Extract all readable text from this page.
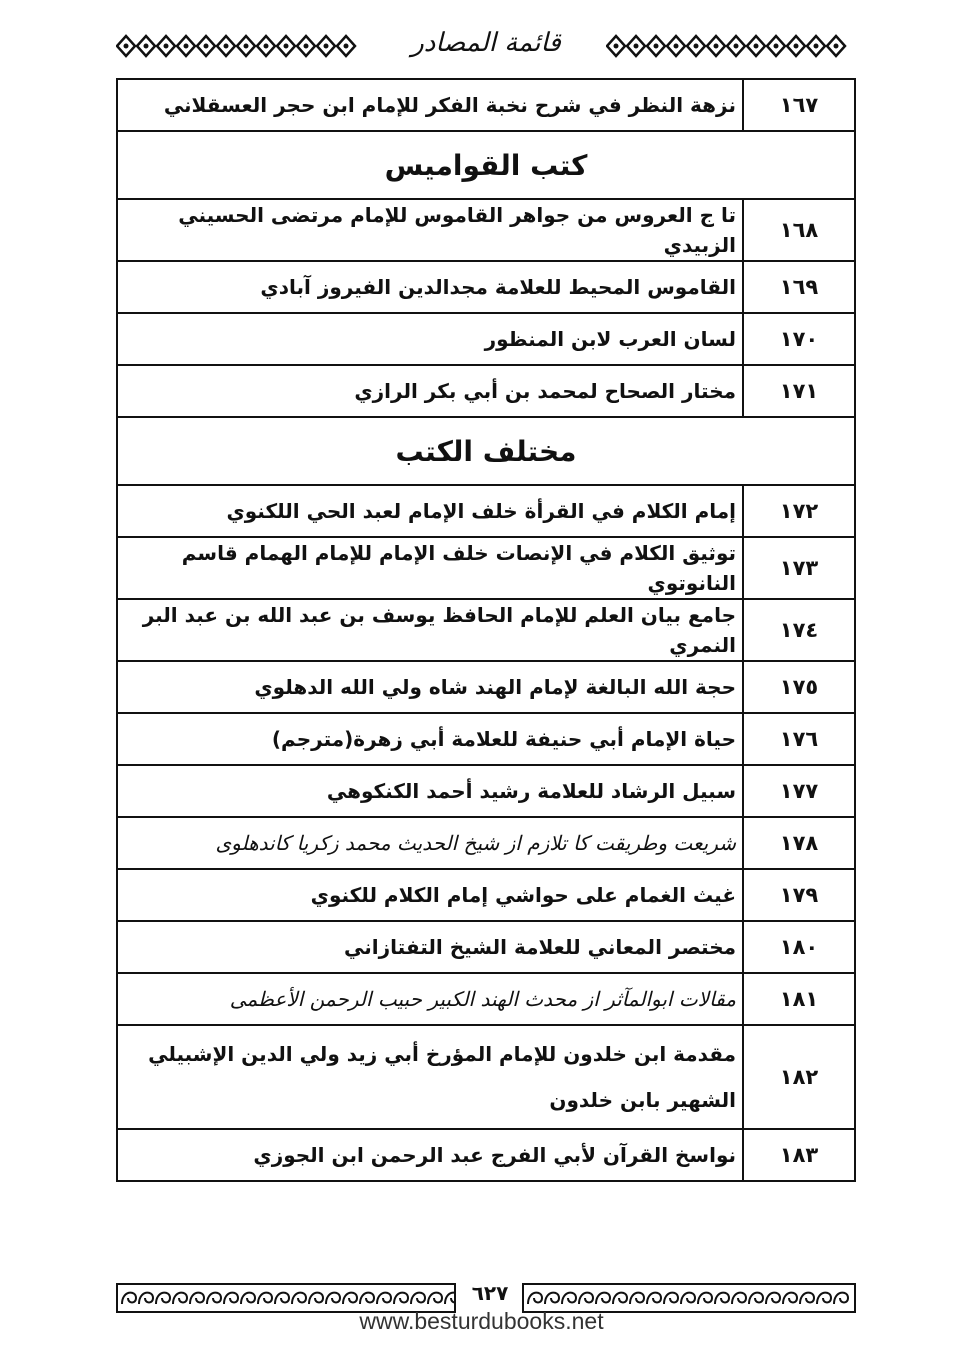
قائمة المصادر
١٦٧	نزهة النظر في شرح نخبة الفكر للإمام ابن حجر العسقلاني
كتب القواميس	
١٦٨	تا ج العروس من جواهر القاموس للإمام مرتضى الحسيني الزبيدي
١٦٩	القاموس المحيط للعلامة مجدالدين الفيروز آبادي
١٧٠	لسان العرب لابن المنظور
١٧١	مختار الصحاح لمحمد بن أبي بكر الرازي
مختلف الكتب	
١٧٢	إمام الكلام في القرأة خلف الإمام لعبد الحي اللكنوي
١٧٣	توثيق الكلام في الإنصات خلف الإمام للإمام الهمام قاسم النانوتوي
١٧٤	جامع بيان العلم للإمام الحافظ يوسف بن عبد الله بن عبد البر النمري
١٧٥	حجة الله البالغة لإمام الهند شاه ولي الله الدهلوي
١٧٦	حياة الإمام أبي حنيفة للعلامة أبي زهرة(مترجم)
١٧٧	سبيل الرشاد للعلامة رشيد أحمد الكنكوهي
١٧٨	شریعت وطریقت کا تلازم از شیخ الحدیث محمد زکریا کاندھلوی
١٧٩	غيث الغمام على حواشي إمام الكلام للكنوي
١٨٠	مختصر المعاني للعلامة الشيخ التفتازاني
١٨١	مقالات ابوالمآثر از محدث الهند الکبیر حبیب الرحمن الأعظمی
١٨٢	مقدمة ابن خلدون للإمام المؤرخ أبي زيد ولي الدين الإشبيلي الشهير بابن خلدون
١٨٣	نواسخ القرآن لأبي الفرج عبد الرحمن ابن الجوزي
٦٢٧
www.besturdubooks.net
